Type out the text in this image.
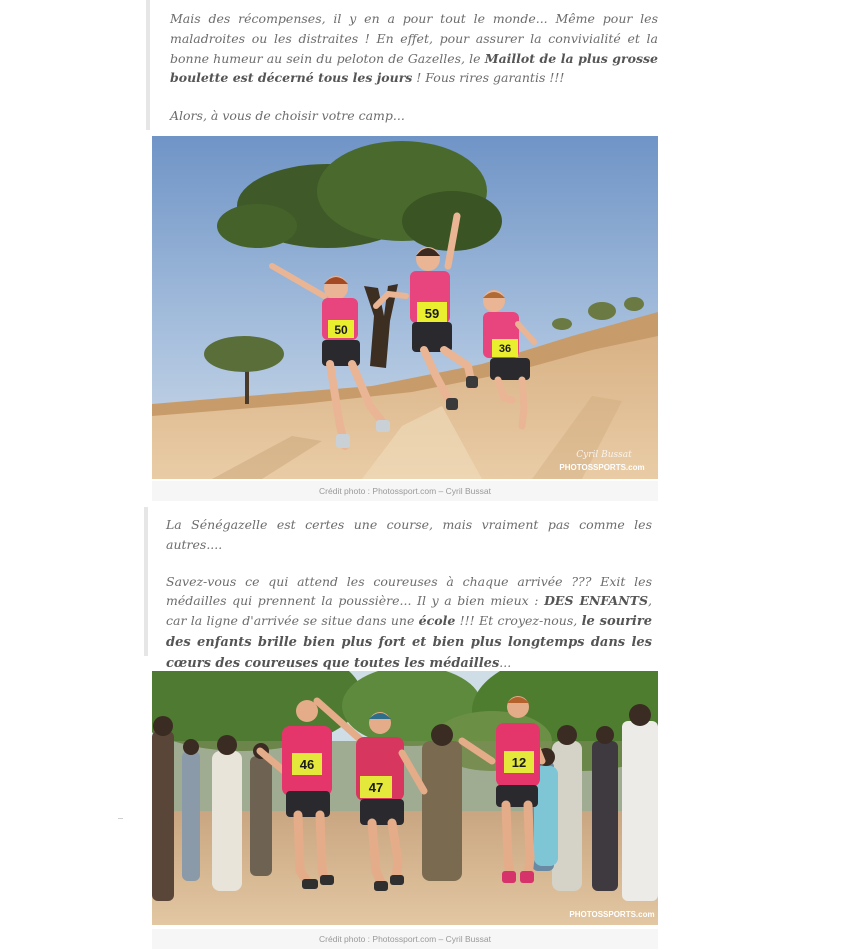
Mais des récompenses, il y en a pour tout le monde... Même pour les maladroites ou les distraites ! En effet, pour assurer la convivialité et la bonne humeur au sein du peloton de Gazelles, le Maillot de la plus grosse boulette est décerné tous les jours ! Fous rires garantis !!!

Alors, à vous de choisir votre camp...

50
59
36
Cyril Bussat
PHOTOSSPORTS.com
Crédit photo : Photossport.com – Cyril Bussat

La Sénégazelle est certes une course, mais vraiment pas comme les autres....

Savez-vous ce qui attend les coureuses à chaque arrivée ??? Exit les médailles qui prennent la poussière... Il y a bien mieux : DES ENFANTS, car la ligne d'arrivée se situe dans une école !!! Et croyez-nous, le sourire des enfants brille bien plus fort et bien plus longtemps dans les cœurs des coureuses que toutes les médailles...

46
47
12
PHOTOSSPORTS.com
Crédit photo : Photossport.com – Cyril Bussat
